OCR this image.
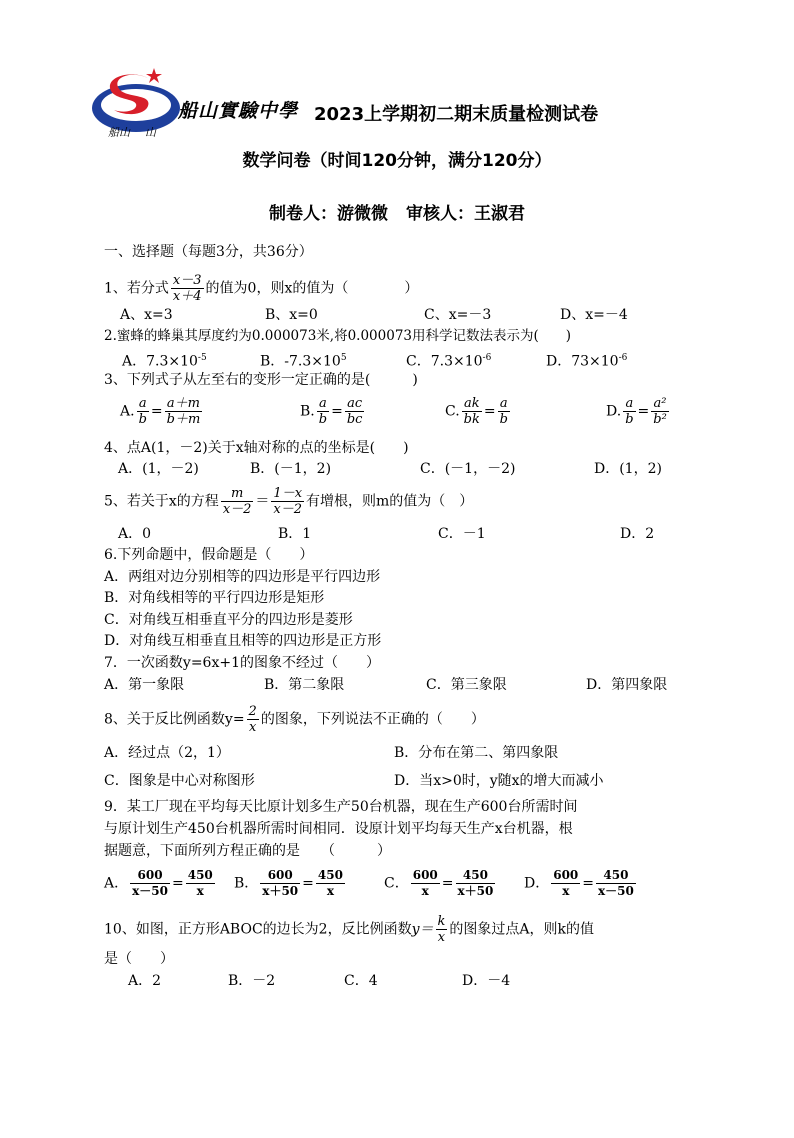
船山實驗中學
船山 山
2023上学期初二期末质量检测试卷
数学问卷（时间120分钟，满分120分）
制卷人：游微微 审核人：王淑君
一、选择题（每题3分，共36分）
1、若分式 $\frac{x-3}{x+4}$ 的值为0，则x的值为（　　　　）
A、x=3	B、x=0	C、x=－3	D、x=－4
2.蜜蜂的蜂巢其厚度约为0.000073米,将0.000073用科学记数法表示为(　　)
A．$7.3\times 10^{-5}$	B．$-7.3\times 10^5$	C．$7.3\times 10^{-6}$	D．$73\times 10^{-6}$
3、下列式子从左至右的变形一定正确的是(　　　)
A. $\frac{a}{b} = \frac{a+m}{b+m}$	B. $\frac{a}{b} = \frac{ac}{bc}$	C. $\frac{ak}{bk} = \frac{a}{b}$	D. $\frac{a}{b} = \frac{\text{a²}}{\text{b²}}$
4、点A(1，－2)关于x轴对称的点的坐标是(　　)
A．(1，－2)	B．(－1，2)	C．(－1，－2)	D．(1，2)
5、若关于x的方程 $\frac{m}{x-2} = \frac{1-x}{x-2}$ 有增根，则m的值为（　）
A．0	B．1	C．－1	D．2
6.下列命题中，假命题是（　　）
A．两组对边分别相等的四边形是平行四边形
B．对角线相等的平行四边形是矩形
C．对角线互相垂直平分的四边形是菱形
D．对角线互相垂直且相等的四边形是正方形
7．一次函数y=6x+1的图象不经过（　　）
A．第一象限	B．第二象限	C．第三象限	D．第四象限
8、关于反比例函数$y= \frac{2}{x}$ 的图象，下列说法不正确的（　　）
A．经过点（2，1）	B．分布在第二、第四象限
C．图象是中心对称图形	D．当x>0时，y随x的增大而减小
9．某工厂现在平均每天比原计划多生产50台机器，现在生产600台所需时间
与原计划生产450台机器所需时间相同．设原计划平均每天生产x台机器，根
据题意，下面所列方程正确的是　　（　　　）
A． $\frac{600}{x-50} = \frac{450}{x}$ B． $\frac{600}{x+50} = \frac{450}{x}$	C． $\frac{600}{x} = \frac{450}{x+50}$ D． $\frac{600}{x} = \frac{450}{x-50}$
10、如图，正方形ABOC的边长为2，反比例函数$y= \frac{k}{x}$ 的图象过点A，则k的值
是（　　）
A．2	B．－2	C．4	D．－4
